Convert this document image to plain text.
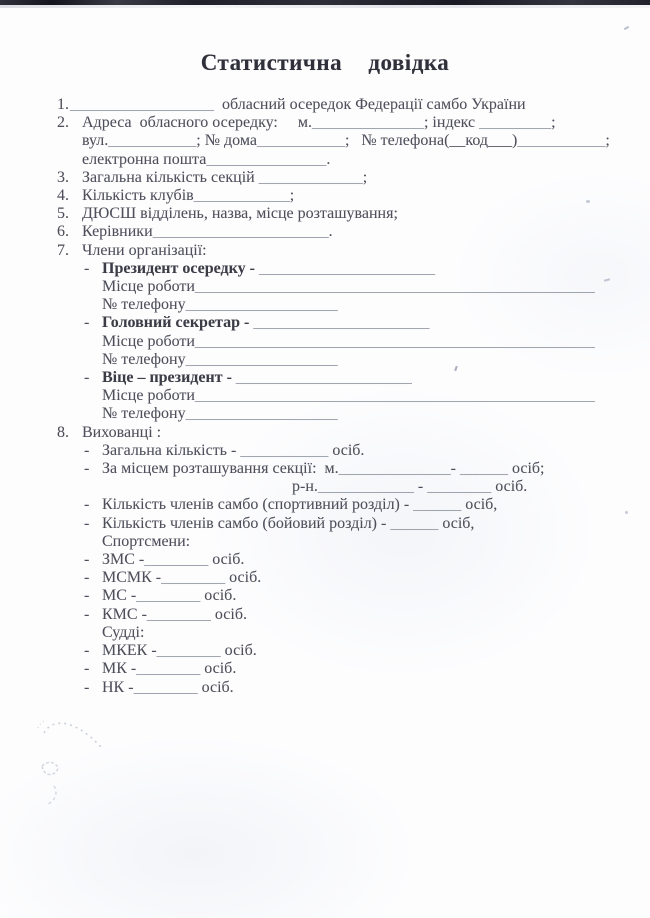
Статистична довідка
1. __________________  обласний осередок Федерації самбо України
2. Адреса  обласного осередку:     м.______________; індекс _________;
вул.___________; № дома___________;   № телефона(__код___)___________;
електронна пошта_______________.
3. Загальна кількість секцій _____________;
4. Кількість клубів____________;
5. ДЮСШ відділень, назва, місце розташування;
6. Керівники______________________.
7. Члени організації:
- Президент осередку - ______________________
Місце роботи__________________________________________________
№ телефону___________________
- Головний секретар - ______________________
Місце роботи__________________________________________________
№ телефону___________________
- Віце – президент - ______________________
Місце роботи__________________________________________________
№ телефону___________________
8. Вихованці :
- Загальна кількість - ___________ осіб.
- За місцем розташування секції:  м.______________- ______ осіб;
р-н.____________ - ________ осіб.
- Кількість членів самбо (спортивний розділ) - ______ осіб,
- Кількість членів самбо (бойовий розділ) - ______ осіб,
Спортсмени:
- ЗМС -________ осіб.
- МСМК -________ осіб.
- МС -________ осіб.
- КМС -________ осіб.
Судді:
- МКЕК -________ осіб.
- МК -________ осіб.
- НК -________ осіб.
